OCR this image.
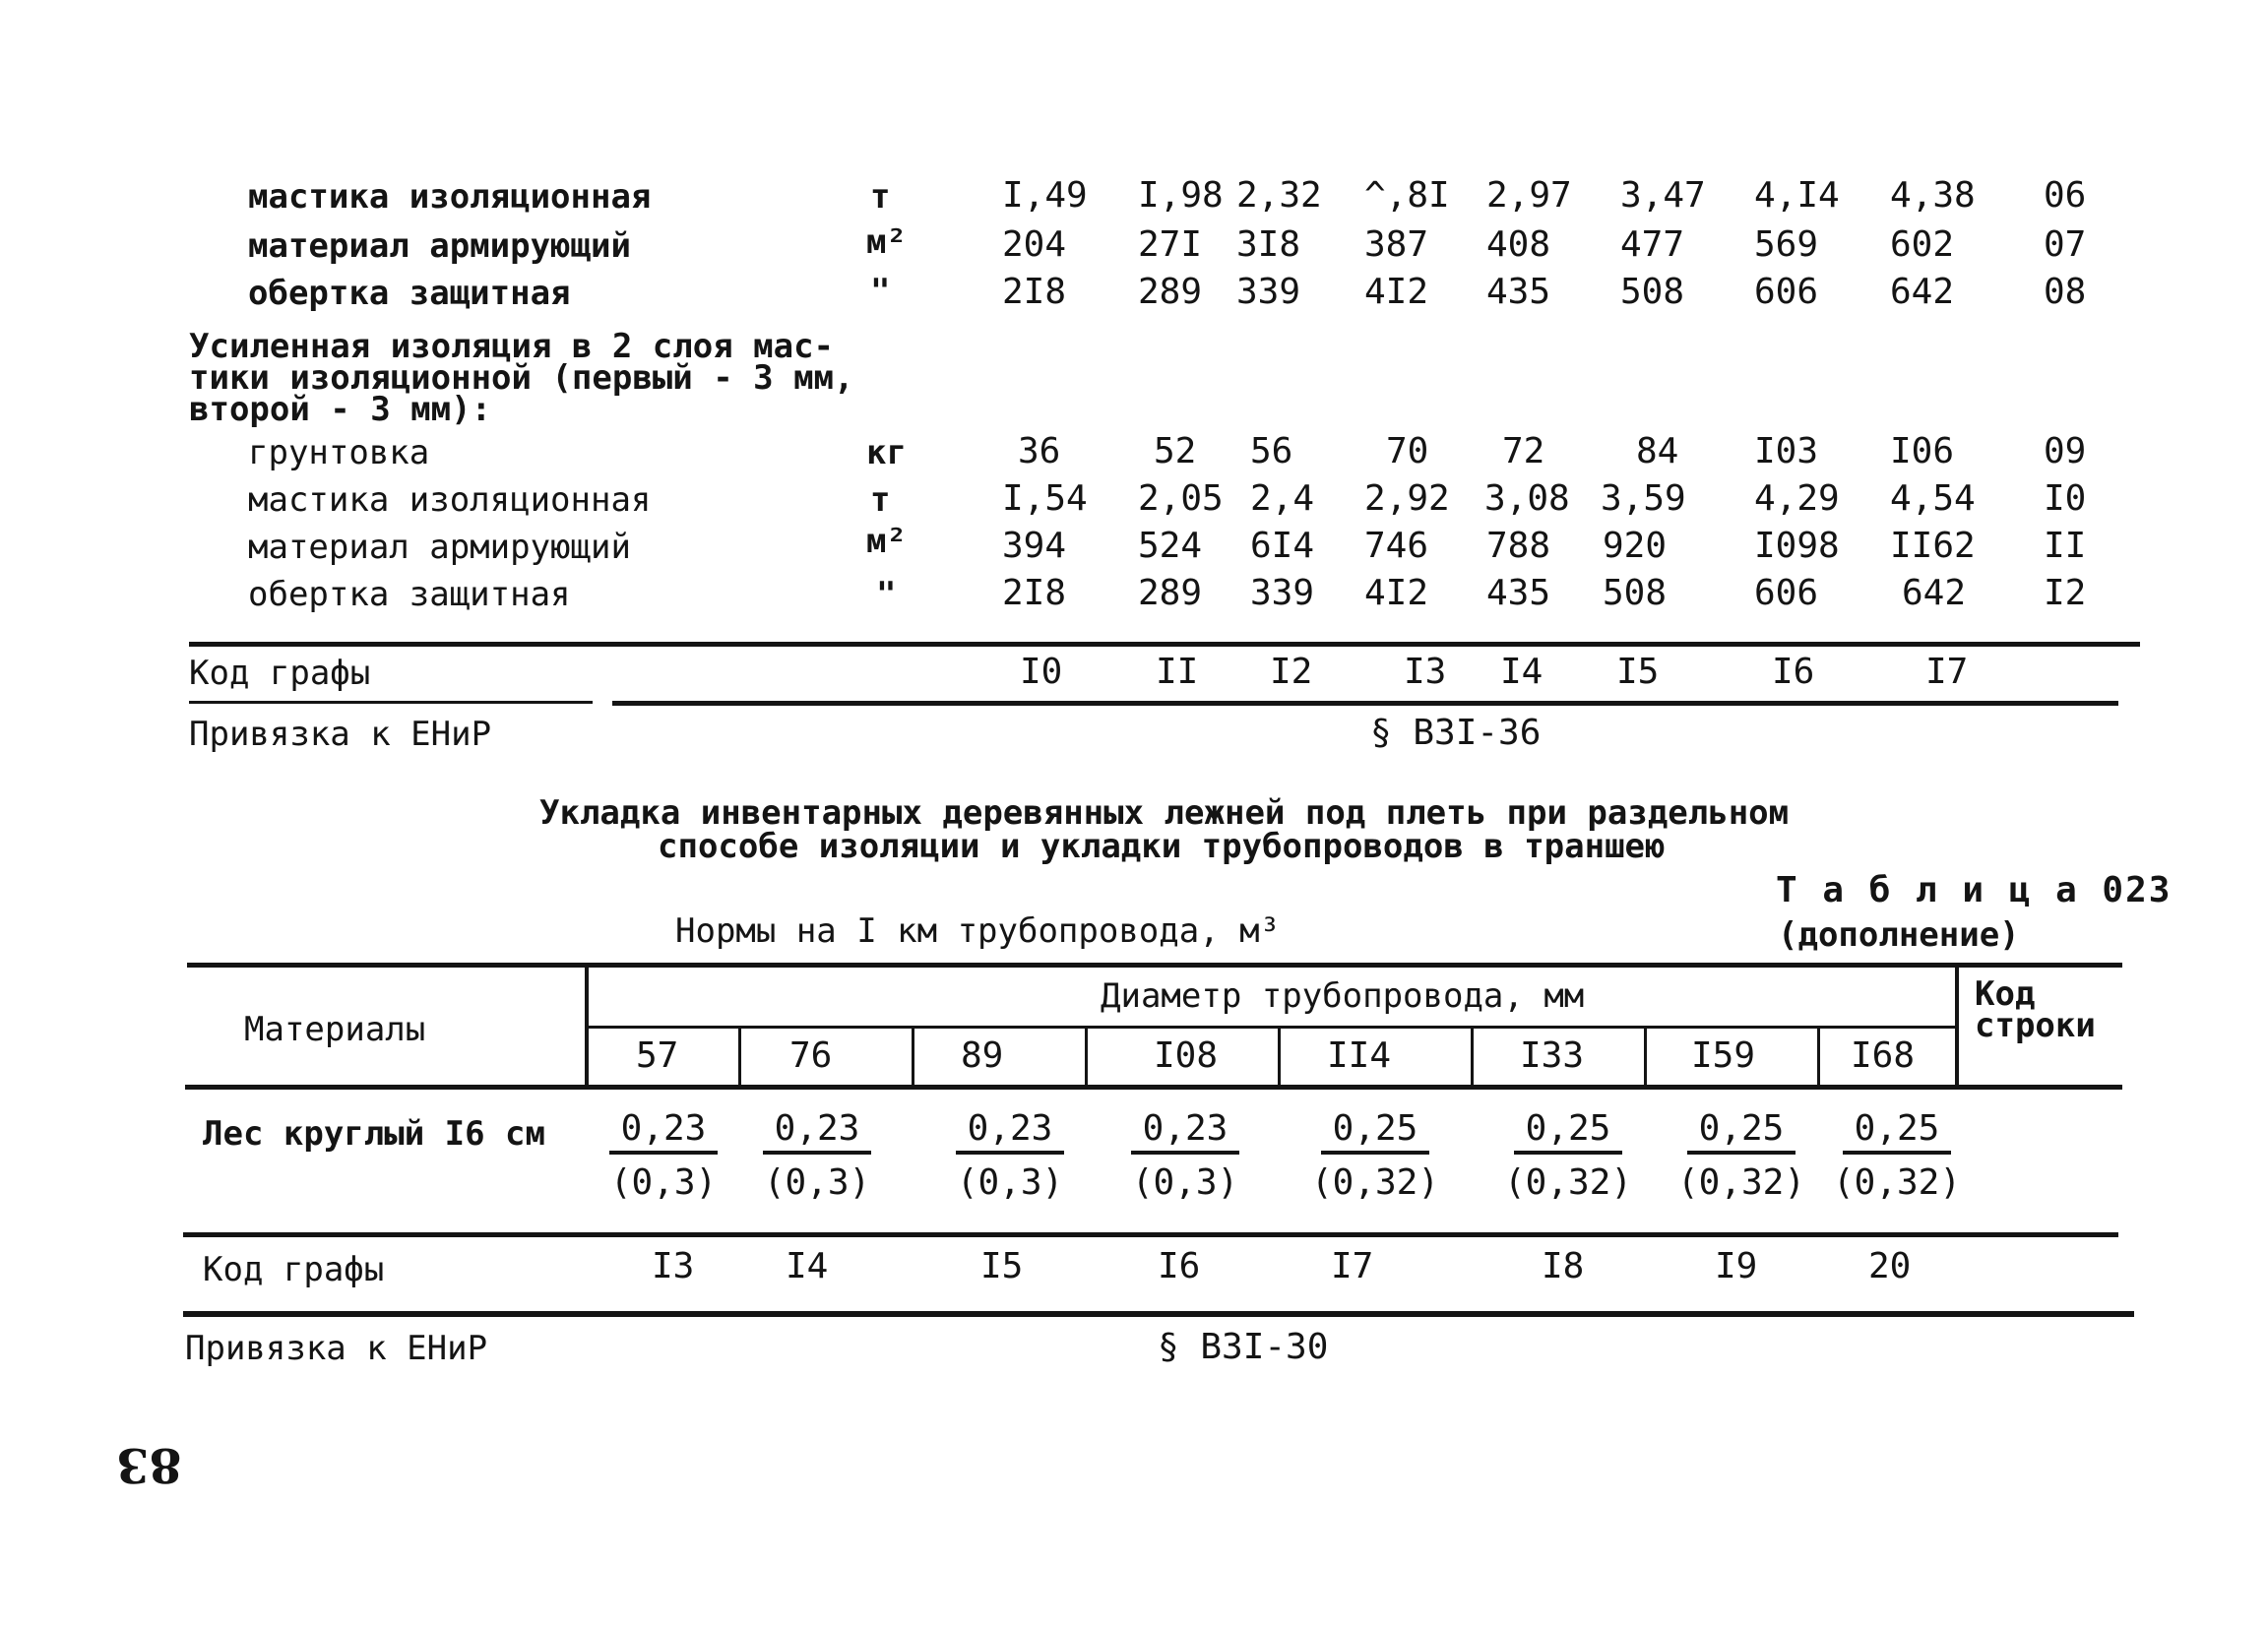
мастика изоляционная	т	I,49 I,98 2,32 ^,8I 2,97 3,47 4,I4 4,38 06
материал армирующий	м²	204 27I 3I8 387 408 477 569 602	07
обертка защитная	"	2I8 289 339 4I2 435 508 606 642	08
Усиленная изоляция в 2 слоя мас-
тики изоляционной (первый - 3 мм,
второй - 3 мм):
грунтовка	кг	36	52 56	70 72	84 I03 I06	09
мастика изоляционная	т	I,54 2,05 2,4 2,92 3,08 3,59 4,29 4,54 I0
материал армирующий	м²	394 524 6I4 746 788 920 I098 II62 II
обертка защитная	"	2I8 289 339 4I2 435 508 606 642 I2
Код графы	I0	II I2	I3 I4 I5	I6	I7
Привязка к ЕНиР	§ В3I-36
Укладка инвентарных деревянных лежней под плеть при раздельном
способе изоляции и укладки трубопроводов в траншею
Т а б л и ц а 023
(дополнение)
Нормы на I км трубопровода, м³
Материалы
Диаметр трубопровода, мм	Код
строки
57	76	89	I08	II4	I33	I59	I68
Лес круглый I6 см $\frac{0,23}{(0,3)} \frac{0,23}{(0,3)} \frac{0,23}{(0,3)} \frac{0,23}{(0,3)} \frac{0,25}{(0,32)} \frac{0,25}{(0,32)} \frac{0,25}{(0,32)} \frac{0,25}{(0,32)}$
Код графы	I3	I4	I5	I6	I7	I8	I9	20
Привязка к ЕНиР	§ В3I-30
83
